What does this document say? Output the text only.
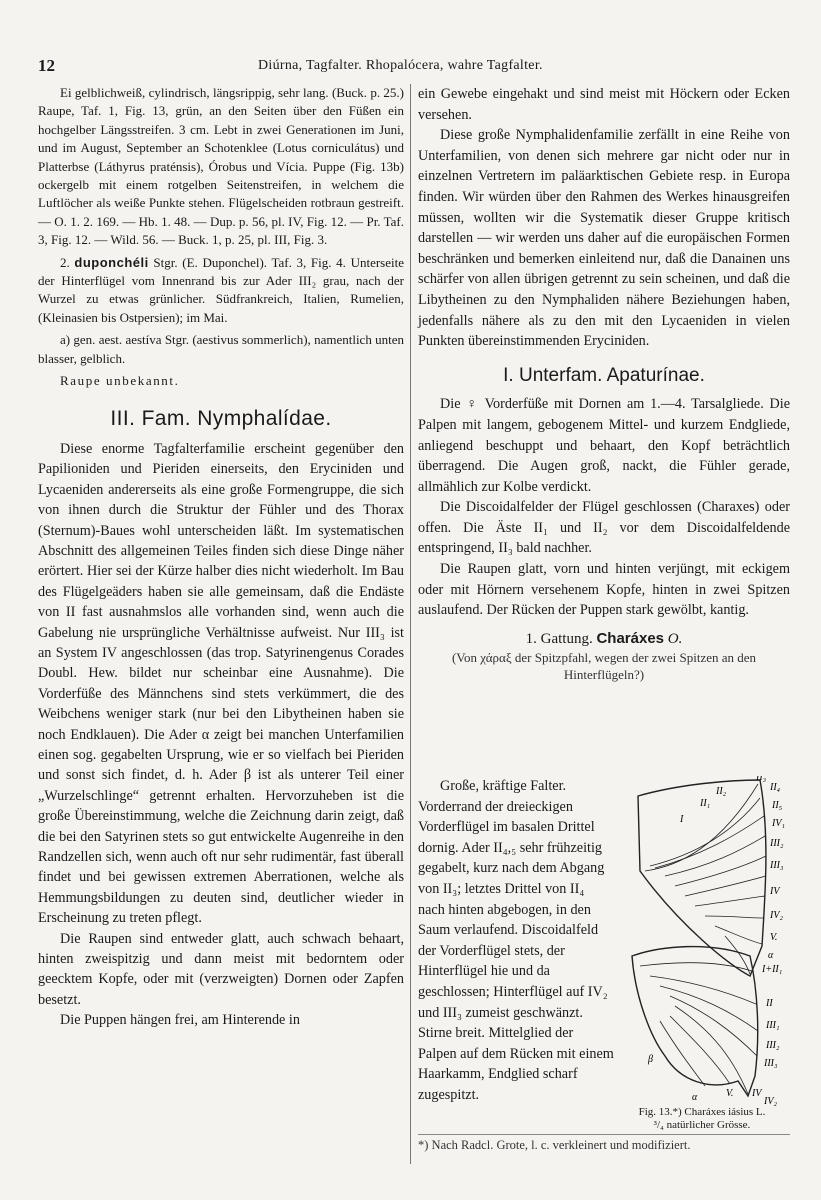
12	Diúrna, Tagfalter. Rhopalócera, wahre Tagfalter.

Ei gelblichweiß, cylindrisch, längsrippig, sehr lang. (Buck. p. 25.) Raupe, Taf. 1, Fig. 13, grün, an den Seiten über den Füßen ein hochgelber Längsstreifen. 3 cm. Lebt in zwei Generationen im Juni, und im August, September an Schotenklee (Lotus corniculátus) und Platterbse (Láthyrus praténsis), Órobus und Vícia. Puppe (Fig. 13b) ockergelb mit einem rotgelben Seitenstreifen, in welchem die Luftlöcher als weiße Punkte stehen. Flügelscheiden rotbraun gestreift. — O. 1. 2. 169. — Hb. 1. 48. — Dup. p. 56, pl. IV, Fig. 12. — Pr. Taf. 3, Fig. 12. — Wild. 56. — Buck. 1, p. 25, pl. III, Fig. 3.

2. duponchéli Stgr. (E. Duponchel). Taf. 3, Fig. 4. Unterseite der Hinterflügel vom Innenrand bis zur Ader III₂ grau, nach der Wurzel zu etwas grünlicher. Südfrankreich, Italien, Rumelien, (Kleinasien bis Ostpersien); im Mai.

a) gen. aest. aestíva Stgr. (aestivus sommerlich), namentlich unten blasser, gelblich.

Raupe unbekannt.

III. Fam. Nymphalídae.

Diese enorme Tagfalterfamilie erscheint gegenüber den Papilioniden und Pieriden einerseits, den Eryciniden und Lycaeniden andererseits als eine große Formengruppe, die sich von ihnen durch die Struktur der Fühler und des Thorax (Sternum)-Baues wohl unterscheiden läßt. Im systematischen Abschnitt des allgemeinen Teiles finden sich diese Dinge näher erörtert. Hier sei der Kürze halber dies nicht wiederholt. Im Bau des Flügelgeäders haben sie alle gemeinsam, daß die Endäste von II fast ausnahmslos alle vorhanden sind, wenn auch die Gabelung nie ursprüngliche Verhältnisse aufweist. Nur III₃ ist an System IV angeschlossen (das trop. Satyrinengenus Corades Doubl. Hew. bildet nur scheinbar eine Ausnahme). Die Vorderfüße des Männchens sind stets verkümmert, die des Weibchens weniger stark (nur bei den Libytheinen haben sie noch Endklauen). Die Ader α zeigt bei manchen Unterfamilien einen sog. gegabelten Ursprung, wie er so vielfach bei Pieriden und sonst sich findet, d. h. Ader β ist als unterer Teil einer „Wurzelschlinge“ getrennt erhalten. Hervorzuheben ist die große Übereinstimmung, welche die Zeichnung darin zeigt, daß die bei den Satyrinen stets so gut entwickelte Augenreihe in den Randzellen sich, wenn auch oft nur sehr rudimentär, fast überall findet und bei gewissen extremen Aberrationen, welche als Hemmungsbildungen zu deuten sind, deutlicher wieder in Erscheinung zu treten pflegt.

Die Raupen sind entweder glatt, auch schwach behaart, hinten zweispitzig und dann meist mit bedorntem oder geecktem Kopfe, oder mit (verzweigten) Dornen oder Zapfen besetzt.

Die Puppen hängen frei, am Hinterende in

ein Gewebe eingehakt und sind meist mit Höckern oder Ecken versehen.

Diese große Nymphalidenfamilie zerfällt in eine Reihe von Unterfamilien, von denen sich mehrere gar nicht oder nur in einzelnen Vertretern im paläarktischen Gebiete resp. in Europa finden. Wir würden über den Rahmen des Werkes hinausgreifen müssen, wollten wir die Systematik dieser Gruppe kritisch darstellen — wir werden uns daher auf die europäischen Formen beschränken und bemerken einleitend nur, daß die Danainen uns schärfer von allen übrigen getrennt zu sein scheinen, und daß die Libytheinen zu den Nymphaliden nähere Beziehungen haben, jedenfalls nähere als zu den mit den Lycaeniden in vielen Punkten übereinstimmenden Eryciniden.

I. Unterfam. Apaturínae.

Die ♀ Vorderfüße mit Dornen am 1.—4. Tarsalgliede. Die Palpen mit langem, gebogenem Mittel- und kurzem Endgliede, anliegend beschuppt und behaart, den Kopf beträchtlich überragend. Die Augen groß, nackt, die Fühler gerade, allmählich zur Kolbe verdickt.

Die Discoidalfelder der Flügel geschlossen (Charaxes) oder offen. Die Äste II₁ und II₂ vor dem Discoidalfeldende entspringend, II₃ bald nachher.

Die Raupen glatt, vorn und hinten verjüngt, mit eckigem oder mit Hörnern versehenem Kopfe, hinten in zwei Spitzen auslaufend. Der Rücken der Puppen stark gewölbt, kantig.

1. Gattung. Charáxes O.
(Von χάραξ der Spitzpfahl, wegen der zwei Spitzen an den Hinterflügeln?)

Große, kräftige Falter. Vorderrand der dreieckigen Vorderflügel im basalen Drittel dornig. Ader II₄,₅ sehr frühzeitig gegabelt, kurz nach dem Abgang von II₃; letztes Drittel von II₄ nach hinten abgebogen, in den Saum verlaufend. Discoidalfeld der Vorderflügel stets, der Hinterflügel hie und da geschlossen; Hinterflügel auf IV₂ und III₃ zumeist geschwänzt. Stirne breit. Mittelglied der Palpen auf dem Rücken mit einem Haarkamm, Endglied scharf zugespitzt.

II₃
II₄
II₂
II₅
II₁
IV₁
I
III₂
III₃
IV
IV₂
V.
α
I+II₁
II
III₁
III₂
III₃
IV
β
α	V.
IV₂
Fig. 13.*) Charáxes iásius L.
³/₄ natürlicher Grösse.
*) Nach Radcl. Grote, l. c. verkleinert und modifiziert.
